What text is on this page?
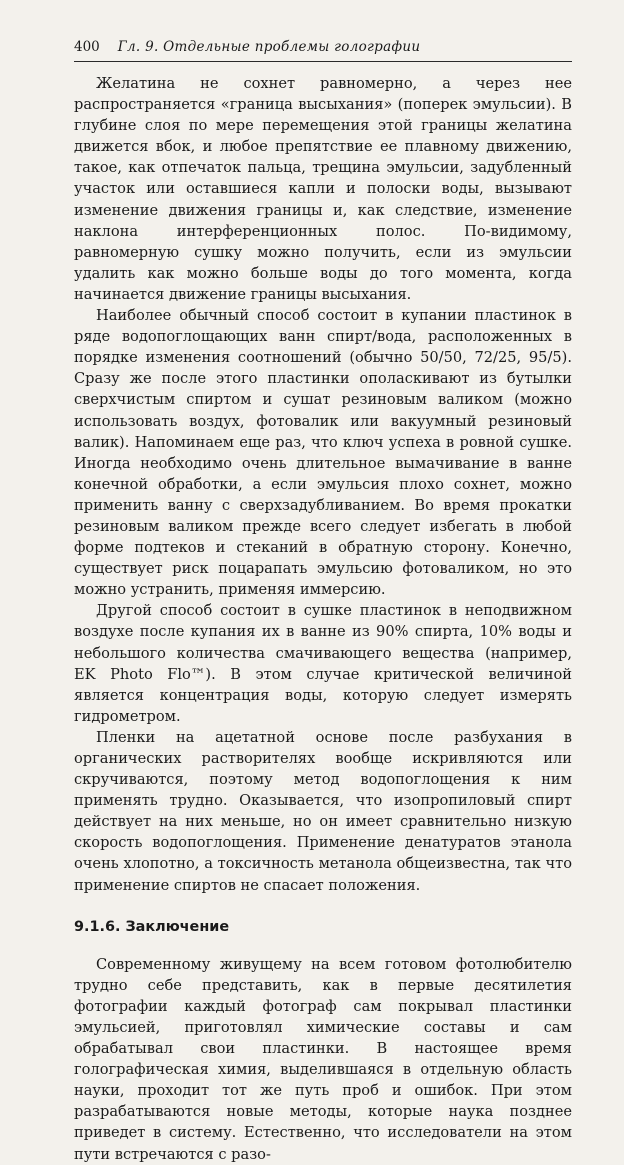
400 Гл. 9. Отдельные проблемы голографии

Желатина не сохнет равномерно, а через нее распространяется «граница высыхания» (поперек эмульсии). В глубине слоя по мере перемещения этой границы желатина движется вбок, и любое препятствие ее плавному движению, такое, как отпечаток пальца, трещина эмульсии, задубленный участок или оставшиеся капли и полоски воды, вызывают изменение движения границы и, как следствие, изменение наклона интерференционных полос. По-видимому, равномерную сушку можно получить, если из эмульсии удалить как можно больше воды до того момента, когда начинается движение границы высыхания.

Наиболее обычный способ состоит в купании пластинок в ряде водопоглощающих ванн спирт/вода, расположенных в порядке изменения соотношений (обычно 50/50, 72/25, 95/5). Сразу же после этого пластинки ополаскивают из бутылки сверхчистым спиртом и сушат резиновым валиком (можно использовать воздух, фотовалик или вакуумный резиновый валик). Напоминаем еще раз, что ключ успеха в ровной сушке. Иногда необходимо очень длительное вымачивание в ванне конечной обработки, а если эмульсия плохо сохнет, можно применить ванну с сверхзадубливанием. Во время прокатки резиновым валиком прежде всего следует избегать в любой форме подтеков и стеканий в обратную сторону. Конечно, существует риск поцарапать эмульсию фотовaликом, но это можно устранить, применяя иммерсию.

Другой способ состоит в сушке пластинок в неподвижном воздухе после купания их в ванне из 90% спирта, 10% воды и небольшого количества смачивающего вещества (например, EK Photo Flo™). В этом случае критической величиной является концентрация воды, которую следует измерять гидрометром.

Пленки на ацетатной основе после разбухания в органических растворителях вообще искривляются или скручиваются, поэтому метод водопоглощения к ним применять трудно. Оказывается, что изопропиловый спирт действует на них меньше, но он имеет сравнительно низкую скорость водопоглощения. Применение денатуратов этанола очень хлопотно, а токсичность метанола общеизвестна, так что применение спиртов не спасает положения.

9.1.6. Заключение

Современному живущему на всем готовом фотолюбителю трудно себе представить, как в первые десятилетия фотографии каждый фотограф сам покрывал пластинки эмульсией, приготовлял химические составы и сам обрабатывал свои пластинки. В настоящее время голографическая химия, выделившаяся в отдельную область науки, проходит тот же путь проб и ошибок. При этом разрабатываются новые методы, которые наука позднее приведет в систему. Естественно, что исследователи на этом пути встречаются с разо-
